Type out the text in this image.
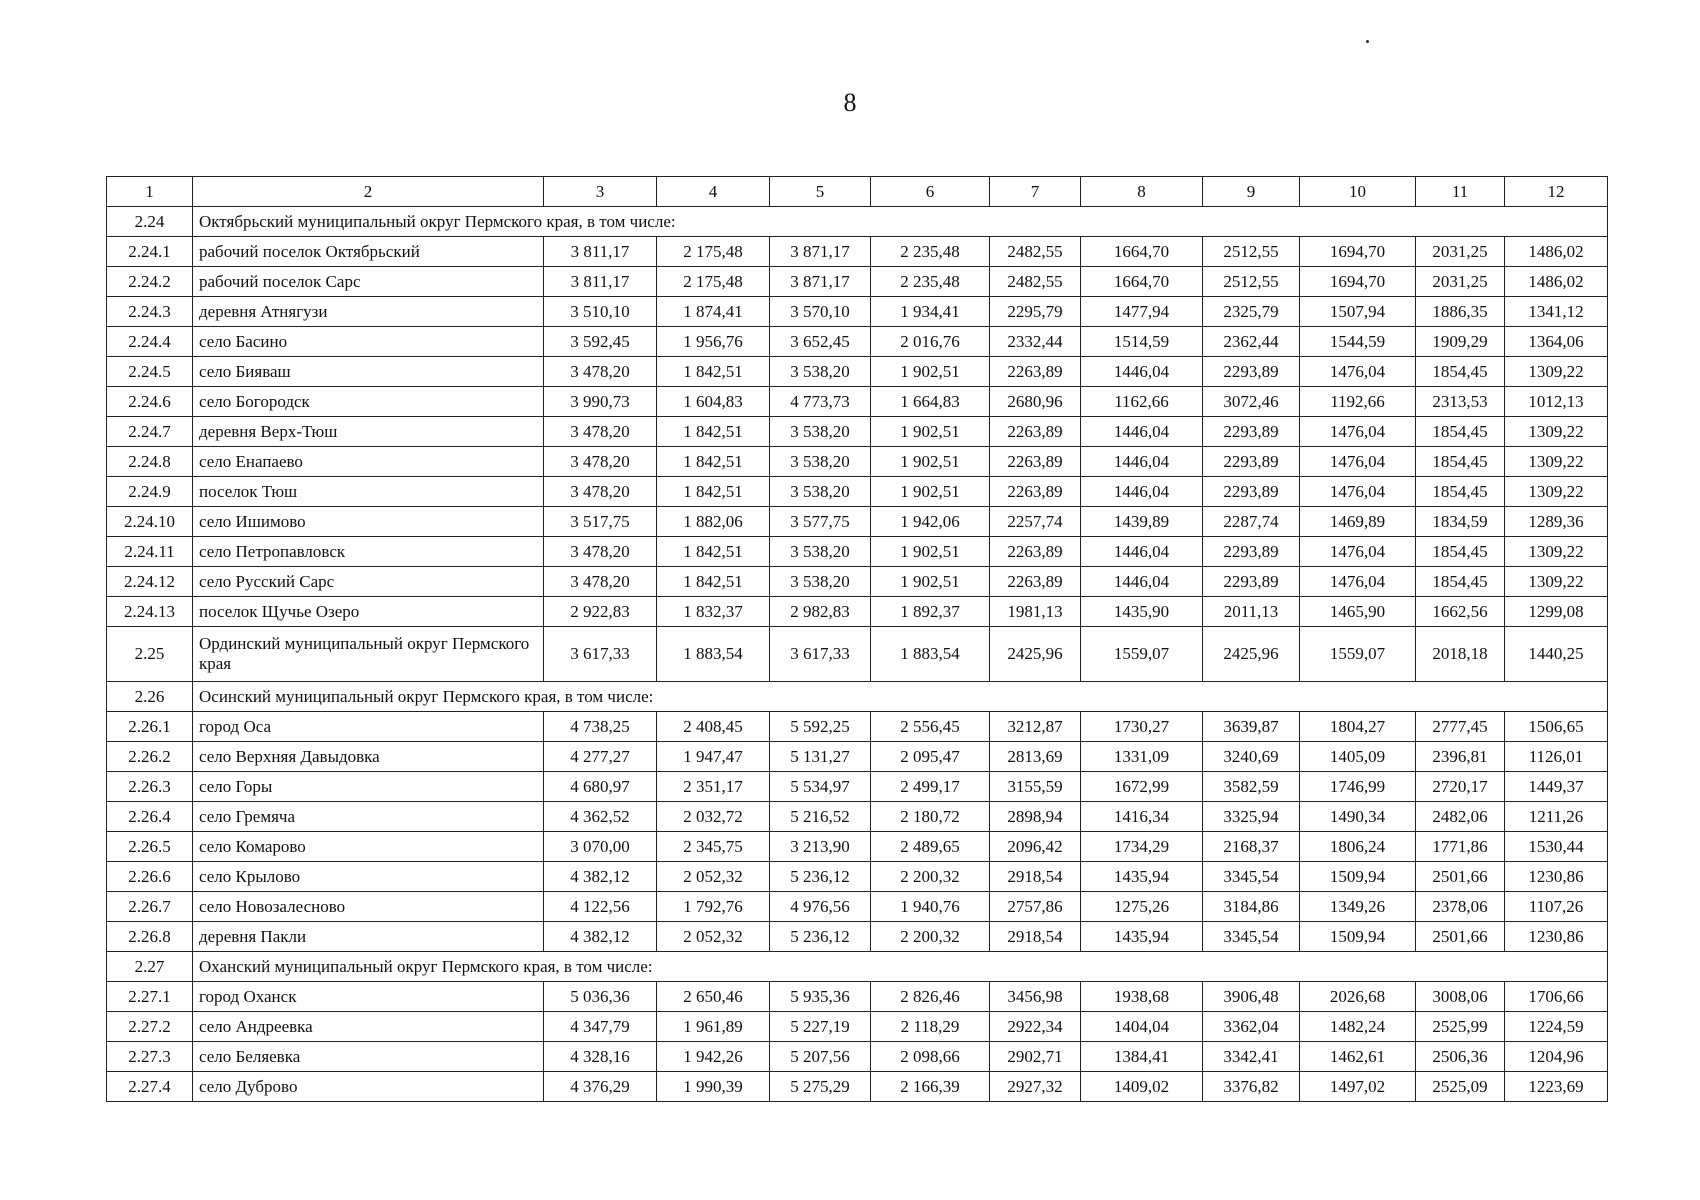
8
1	2	3	4	5	6	7	8	9	10	11	12
2.24	Октябрьский муниципальный округ Пермского края, в том числе:										
2.24.1	рабочий поселок Октябрьский	3 811,17	2 175,48	3 871,17	2 235,48	2482,55	1664,70	2512,55	1694,70	2031,25	1486,02
2.24.2	рабочий поселок Сарс	3 811,17	2 175,48	3 871,17	2 235,48	2482,55	1664,70	2512,55	1694,70	2031,25	1486,02
2.24.3	деревня Атнягузи	3 510,10	1 874,41	3 570,10	1 934,41	2295,79	1477,94	2325,79	1507,94	1886,35	1341,12
2.24.4	село Басино	3 592,45	1 956,76	3 652,45	2 016,76	2332,44	1514,59	2362,44	1544,59	1909,29	1364,06
2.24.5	село Бияваш	3 478,20	1 842,51	3 538,20	1 902,51	2263,89	1446,04	2293,89	1476,04	1854,45	1309,22
2.24.6	село Богородск	3 990,73	1 604,83	4 773,73	1 664,83	2680,96	1162,66	3072,46	1192,66	2313,53	1012,13
2.24.7	деревня Верх-Тюш	3 478,20	1 842,51	3 538,20	1 902,51	2263,89	1446,04	2293,89	1476,04	1854,45	1309,22
2.24.8	село Енапаево	3 478,20	1 842,51	3 538,20	1 902,51	2263,89	1446,04	2293,89	1476,04	1854,45	1309,22
2.24.9	поселок Тюш	3 478,20	1 842,51	3 538,20	1 902,51	2263,89	1446,04	2293,89	1476,04	1854,45	1309,22
2.24.10	село Ишимово	3 517,75	1 882,06	3 577,75	1 942,06	2257,74	1439,89	2287,74	1469,89	1834,59	1289,36
2.24.11	село Петропавловск	3 478,20	1 842,51	3 538,20	1 902,51	2263,89	1446,04	2293,89	1476,04	1854,45	1309,22
2.24.12	село Русский Сарс	3 478,20	1 842,51	3 538,20	1 902,51	2263,89	1446,04	2293,89	1476,04	1854,45	1309,22
2.24.13	поселок Щучье Озеро	2 922,83	1 832,37	2 982,83	1 892,37	1981,13	1435,90	2011,13	1465,90	1662,56	1299,08
2.25	Ординский муниципальный округ Пермского края	3 617,33	1 883,54	3 617,33	1 883,54	2425,96	1559,07	2425,96	1559,07	2018,18	1440,25
2.26	Осинский муниципальный округ Пермского края, в том числе:										
2.26.1	город Оса	4 738,25	2 408,45	5 592,25	2 556,45	3212,87	1730,27	3639,87	1804,27	2777,45	1506,65
2.26.2	село Верхняя Давыдовка	4 277,27	1 947,47	5 131,27	2 095,47	2813,69	1331,09	3240,69	1405,09	2396,81	1126,01
2.26.3	село Горы	4 680,97	2 351,17	5 534,97	2 499,17	3155,59	1672,99	3582,59	1746,99	2720,17	1449,37
2.26.4	село Гремяча	4 362,52	2 032,72	5 216,52	2 180,72	2898,94	1416,34	3325,94	1490,34	2482,06	1211,26
2.26.5	село Комарово	3 070,00	2 345,75	3 213,90	2 489,65	2096,42	1734,29	2168,37	1806,24	1771,86	1530,44
2.26.6	село Крылово	4 382,12	2 052,32	5 236,12	2 200,32	2918,54	1435,94	3345,54	1509,94	2501,66	1230,86
2.26.7	село Новозалесново	4 122,56	1 792,76	4 976,56	1 940,76	2757,86	1275,26	3184,86	1349,26	2378,06	1107,26
2.26.8	деревня Пакли	4 382,12	2 052,32	5 236,12	2 200,32	2918,54	1435,94	3345,54	1509,94	2501,66	1230,86
2.27	Оханский муниципальный округ Пермского края, в том числе:										
2.27.1	город Оханск	5 036,36	2 650,46	5 935,36	2 826,46	3456,98	1938,68	3906,48	2026,68	3008,06	1706,66
2.27.2	село Андреевка	4 347,79	1 961,89	5 227,19	2 118,29	2922,34	1404,04	3362,04	1482,24	2525,99	1224,59
2.27.3	село Беляевка	4 328,16	1 942,26	5 207,56	2 098,66	2902,71	1384,41	3342,41	1462,61	2506,36	1204,96
2.27.4	село Дуброво	4 376,29	1 990,39	5 275,29	2 166,39	2927,32	1409,02	3376,82	1497,02	2525,09	1223,69
